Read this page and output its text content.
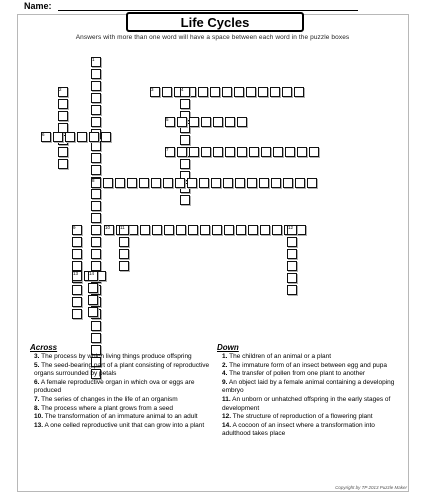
Name:
Life Cycles
Answers with more than one word will have a space between each word in the puzzle boxes
1
2	3	4
5
6
7
8
9	10 11	12
13 14
Across	Down
3. The process by which living things produce offspring
5. The seed-bearing part of a plant consisting of reproductive organs surrounded by petals
6. A female reproductive organ in which ova or eggs are produced
7. The series of changes in the life of an organism
8. The process where a plant grows from a seed
10. The transformation of an immature animal to an adult
13. A one celled reproductive unit that can grow into a plant
1. The children of an animal or a plant
2. The immature form of an insect between egg and pupa
4. The transfer of pollen from one plant to another
9. An object laid by a female animal containing a developing embryo
11. An unborn or unhatched offspring in the early stages of development
12. The structure of reproduction of a flowering plant
14. A cocoon of an insect where a transformation into adulthood takes place
Copyright by TP 2013 Puzzle Maker
